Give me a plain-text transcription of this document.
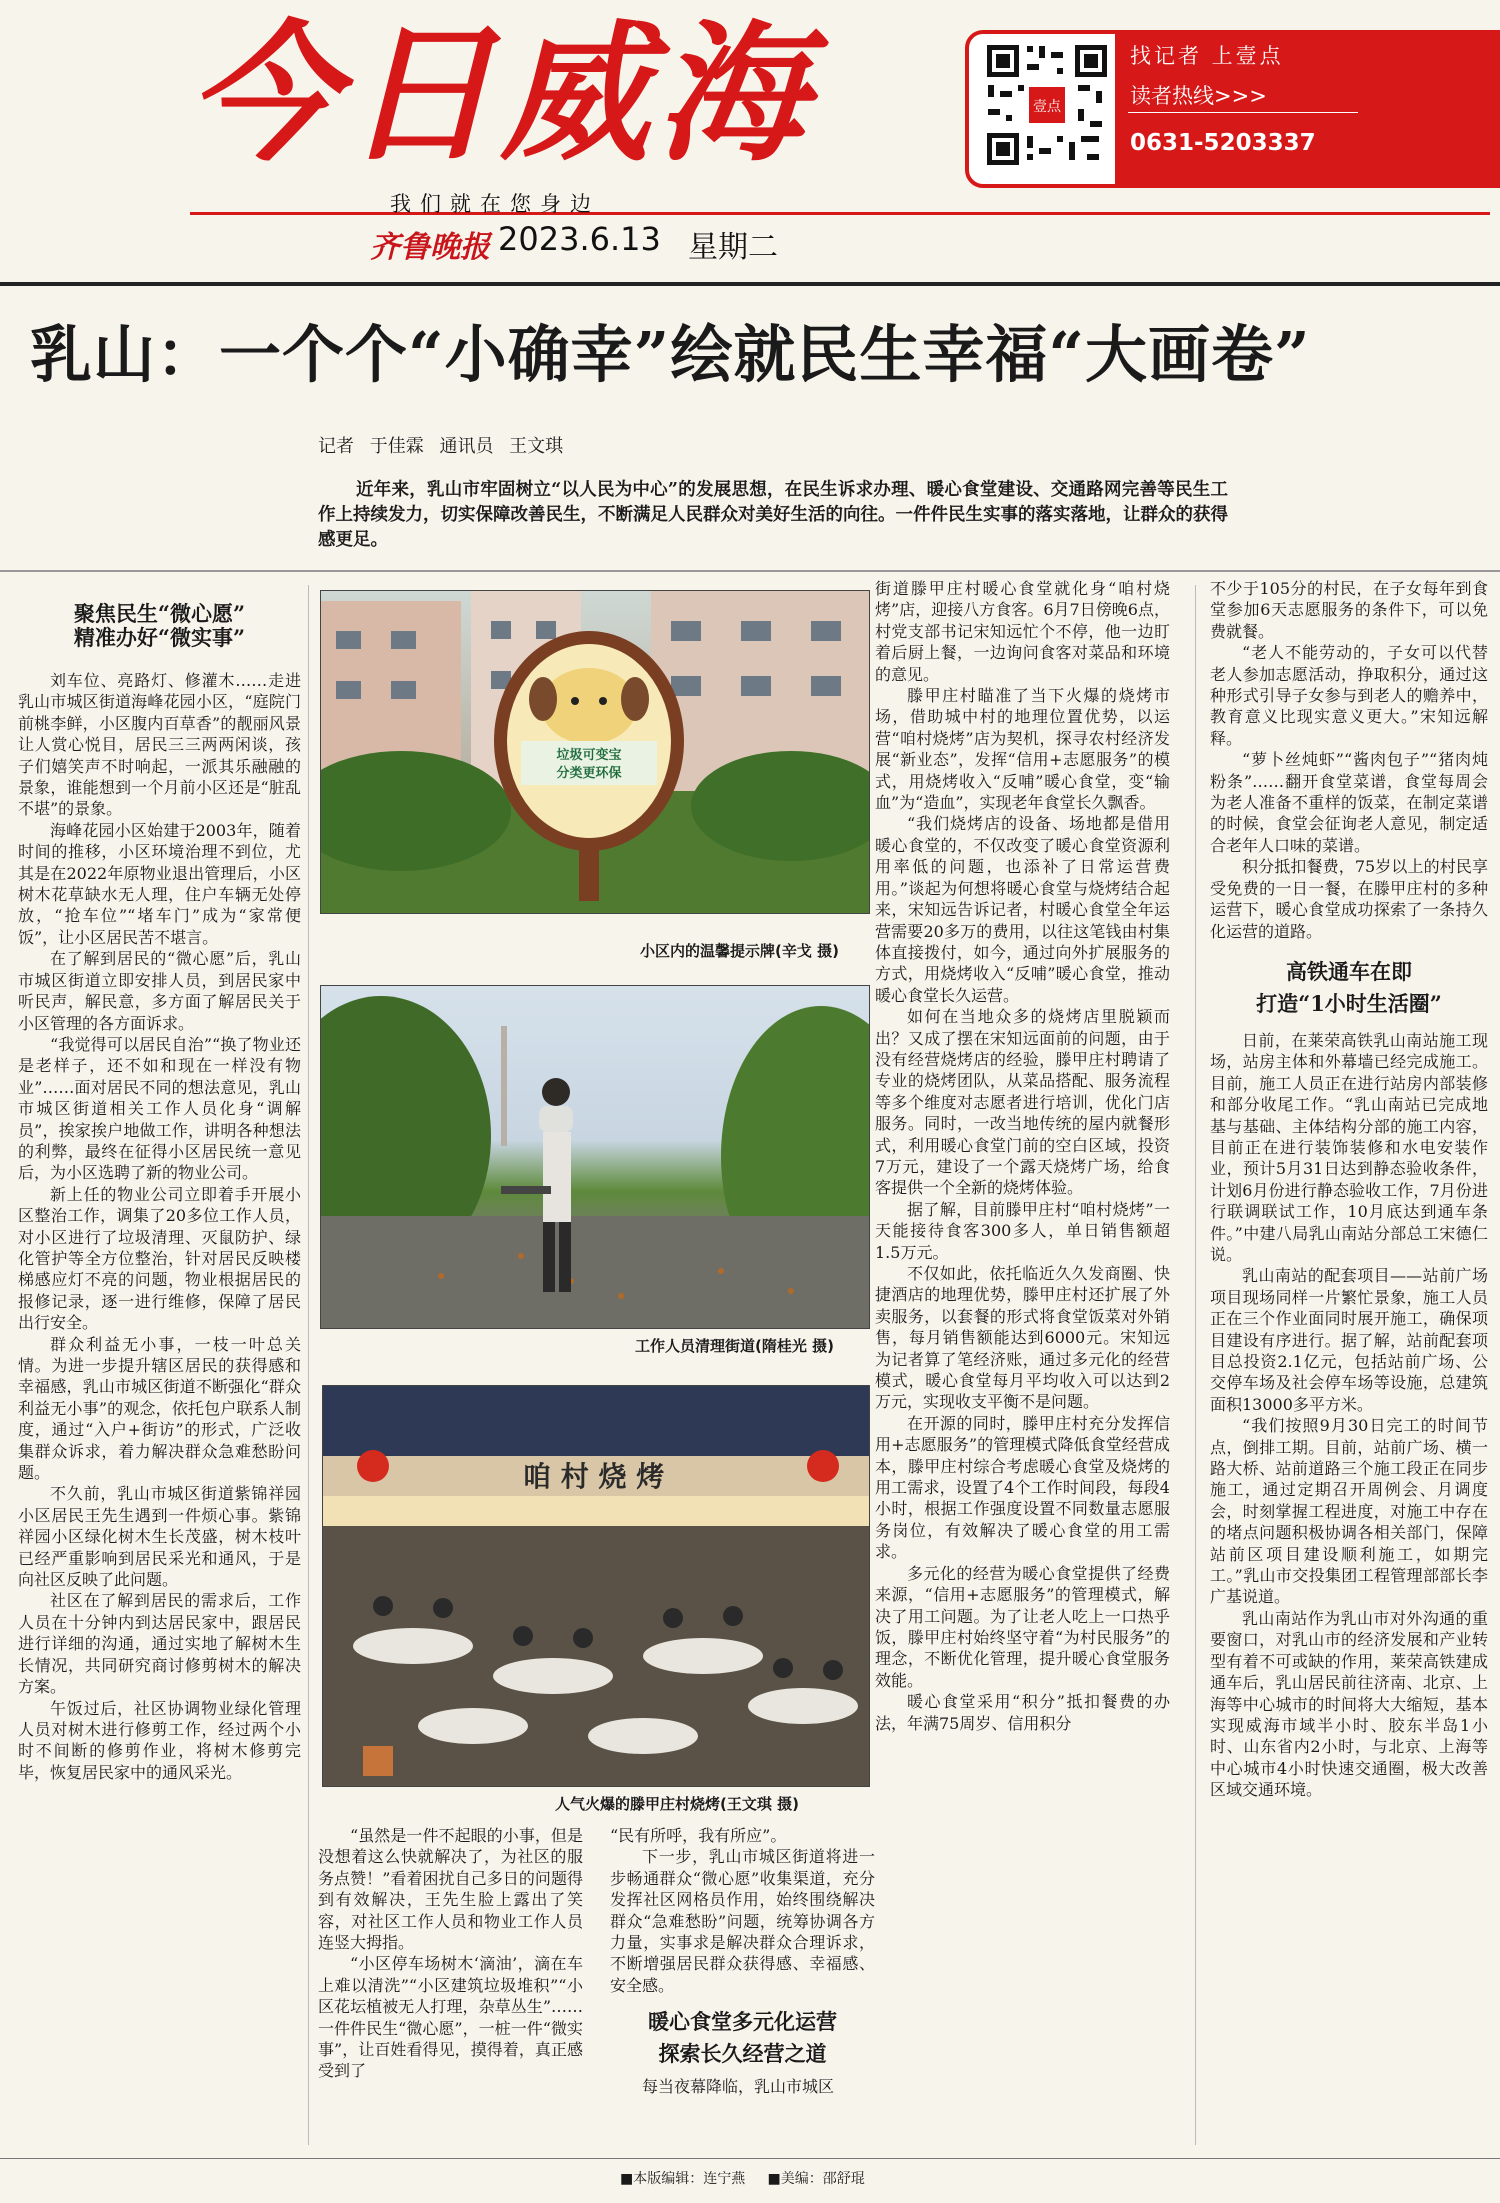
今日威海
我们就在您身边
齐鲁晚报 2023.6.13 星期二
壹点
找记者 上壹点
读者热线>>>
0631-5203337
乳山：一个个“小确幸”绘就民生幸福“大画卷”
记者 于佳霖 通讯员 王文琪
近年来，乳山市牢固树立“以人民为中心”的发展思想，在民生诉求办理、暖心食堂建设、交通路网完善等民生工作上持续发力，切实保障改善民生，不断满足人民群众对美好生活的向往。一件件民生实事的落实落地，让群众的获得感更足。

聚焦民生“微心愿”

精准办好“微实事”

刘车位、亮路灯、修灌木……走进乳山市城区街道海峰花园小区，“庭院门前桃李鲜，小区腹内百草香”的靓丽风景让人赏心悦目，居民三三两两闲谈，孩子们嬉笑声不时响起，一派其乐融融的景象，谁能想到一个月前小区还是“脏乱不堪”的景象。

海峰花园小区始建于2003年，随着时间的推移，小区环境治理不到位，尤其是在2022年原物业退出管理后，小区树木花草缺水无人理，住户车辆无处停放，“抢车位”“堵车门”成为“家常便饭”，让小区居民苦不堪言。

在了解到居民的“微心愿”后，乳山市城区街道立即安排人员，到居民家中听民声，解民意，多方面了解居民关于小区管理的各方面诉求。

“我觉得可以居民自治”“换了物业还是老样子，还不如和现在一样没有物业”……面对居民不同的想法意见，乳山市城区街道相关工作人员化身“调解员”，挨家挨户地做工作，讲明各种想法的利弊，最终在征得小区居民统一意见后，为小区选聘了新的物业公司。

新上任的物业公司立即着手开展小区整治工作，调集了20多位工作人员，对小区进行了垃圾清理、灭鼠防护、绿化管护等全方位整治，针对居民反映楼梯感应灯不亮的问题，物业根据居民的报修记录，逐一进行维修，保障了居民出行安全。

群众利益无小事，一枝一叶总关情。为进一步提升辖区居民的获得感和幸福感，乳山市城区街道不断强化“群众利益无小事”的观念，依托包户联系人制度，通过“入户+街访”的形式，广泛收集群众诉求，着力解决群众急难愁盼问题。

不久前，乳山市城区街道紫锦祥园小区居民王先生遇到一件烦心事。紫锦祥园小区绿化树木生长茂盛，树木枝叶已经严重影响到居民采光和通风，于是向社区反映了此问题。

社区在了解到居民的需求后，工作人员在十分钟内到达居民家中，跟居民进行详细的沟通，通过实地了解树木生长情况，共同研究商讨修剪树木的解决方案。

午饭过后，社区协调物业绿化管理人员对树木进行修剪工作，经过两个小时不间断的修剪作业，将树木修剪完毕，恢复居民家中的通风采光。

垃圾可变宝
分类更环保
小区内的温馨提示牌(辛戈 摄)
工作人员清理街道(隋桂光 摄)
咱 村 烧 烤
人气火爆的滕甲庄村烧烤(王文琪 摄)

“虽然是一件不起眼的小事，但是没想着这么快就解决了，为社区的服务点赞！”看着困扰自己多日的问题得到有效解决，王先生脸上露出了笑容，对社区工作人员和物业工作人员连竖大拇指。

“小区停车场树木‘滴油’，滴在车上难以清洗”“小区建筑垃圾堆积”“小区花坛植被无人打理，杂草丛生”……一件件民生“微心愿”，一桩一件“微实事”，让百姓看得见，摸得着，真正感受到了

“民有所呼，我有所应”。

下一步，乳山市城区街道将进一步畅通群众“微心愿”收集渠道，充分发挥社区网格员作用，始终围绕解决群众“急难愁盼”问题，统筹协调各方力量，实事求是解决群众合理诉求，不断增强居民群众获得感、幸福感、安全感。

暖心食堂多元化运营

探索长久经营之道

每当夜幕降临，乳山市城区

街道滕甲庄村暖心食堂就化身“咱村烧烤”店，迎接八方食客。6月7日傍晚6点，村党支部书记宋知远忙个不停，他一边盯着后厨上餐，一边询问食客对菜品和环境的意见。

滕甲庄村瞄准了当下火爆的烧烤市场，借助城中村的地理位置优势，以运营“咱村烧烤”店为契机，探寻农村经济发展“新业态”，发挥“信用+志愿服务”的模式，用烧烤收入“反哺”暖心食堂，变“输血”为“造血”，实现老年食堂长久飘香。

“我们烧烤店的设备、场地都是借用暖心食堂的，不仅改变了暖心食堂资源利用率低的问题，也添补了日常运营费用。”谈起为何想将暖心食堂与烧烤结合起来，宋知远告诉记者，村暖心食堂全年运营需要20多万的费用，以往这笔钱由村集体直接拨付，如今，通过向外扩展服务的方式，用烧烤收入“反哺”暖心食堂，推动暖心食堂长久运营。

如何在当地众多的烧烤店里脱颖而出？又成了摆在宋知远面前的问题，由于没有经营烧烤店的经验，滕甲庄村聘请了专业的烧烤团队，从菜品搭配、服务流程等多个维度对志愿者进行培训，优化门店服务。同时，一改当地传统的屋内就餐形式，利用暖心食堂门前的空白区域，投资7万元，建设了一个露天烧烤广场，给食客提供一个全新的烧烤体验。

据了解，目前滕甲庄村“咱村烧烤”一天能接待食客300多人，单日销售额超1.5万元。

不仅如此，依托临近久久发商圈、快捷酒店的地理优势，滕甲庄村还扩展了外卖服务，以套餐的形式将食堂饭菜对外销售，每月销售额能达到6000元。宋知远为记者算了笔经济账，通过多元化的经营模式，暖心食堂每月平均收入可以达到2万元，实现收支平衡不是问题。

在开源的同时，滕甲庄村充分发挥信用+志愿服务”的管理模式降低食堂经营成本，滕甲庄村综合考虑暖心食堂及烧烤的用工需求，设置了4个工作时间段，每段4小时，根据工作强度设置不同数量志愿服务岗位，有效解决了暖心食堂的用工需求。

多元化的经营为暖心食堂提供了经费来源，“信用+志愿服务”的管理模式，解决了用工问题。为了让老人吃上一口热乎饭，滕甲庄村始终坚守着“为村民服务”的理念，不断优化管理，提升暖心食堂服务效能。

暖心食堂采用“积分”抵扣餐费的办法，年满75周岁、信用积分

不少于105分的村民，在子女每年到食堂参加6天志愿服务的条件下，可以免费就餐。

“老人不能劳动的，子女可以代替老人参加志愿活动，挣取积分，通过这种形式引导子女参与到老人的赡养中，教育意义比现实意义更大。”宋知远解释。

“萝卜丝炖虾”“酱肉包子”“猪肉炖粉条”……翻开食堂菜谱，食堂每周会为老人准备不重样的饭菜，在制定菜谱的时候，食堂会征询老人意见，制定适合老年人口味的菜谱。

积分抵扣餐费，75岁以上的村民享受免费的一日一餐，在滕甲庄村的多种运营下，暖心食堂成功探索了一条持久化运营的道路。

高铁通车在即

打造“1小时生活圈”

日前，在莱荣高铁乳山南站施工现场，站房主体和外幕墙已经完成施工。目前，施工人员正在进行站房内部装修和部分收尾工作。“乳山南站已完成地基与基础、主体结构分部的施工内容，目前正在进行装饰装修和水电安装作业，预计5月31日达到静态验收条件，计划6月份进行静态验收工作，7月份进行联调联试工作，10月底达到通车条件。”中建八局乳山南站分部总工宋德仁说。

乳山南站的配套项目——站前广场项目现场同样一片繁忙景象，施工人员正在三个作业面同时展开施工，确保项目建设有序进行。据了解，站前配套项目总投资2.1亿元，包括站前广场、公交停车场及社会停车场等设施，总建筑面积13000多平方米。

“我们按照9月30日完工的时间节点，倒排工期。目前，站前广场、横一路大桥、站前道路三个施工段正在同步施工，通过定期召开周例会、月调度会，时刻掌握工程进度，对施工中存在的堵点问题积极协调各相关部门，保障站前区项目建设顺利施工，如期完工。”乳山市交投集团工程管理部部长李广基说道。

乳山南站作为乳山市对外沟通的重要窗口，对乳山市的经济发展和产业转型有着不可或缺的作用，莱荣高铁建成通车后，乳山居民前往济南、北京、上海等中心城市的时间将大大缩短，基本实现威海市域半小时、胶东半岛1小时、山东省内2小时，与北京、上海等中心城市4小时快速交通圈，极大改善区域交通环境。

■本版编辑：连宁燕 ■美编：邵舒琨
